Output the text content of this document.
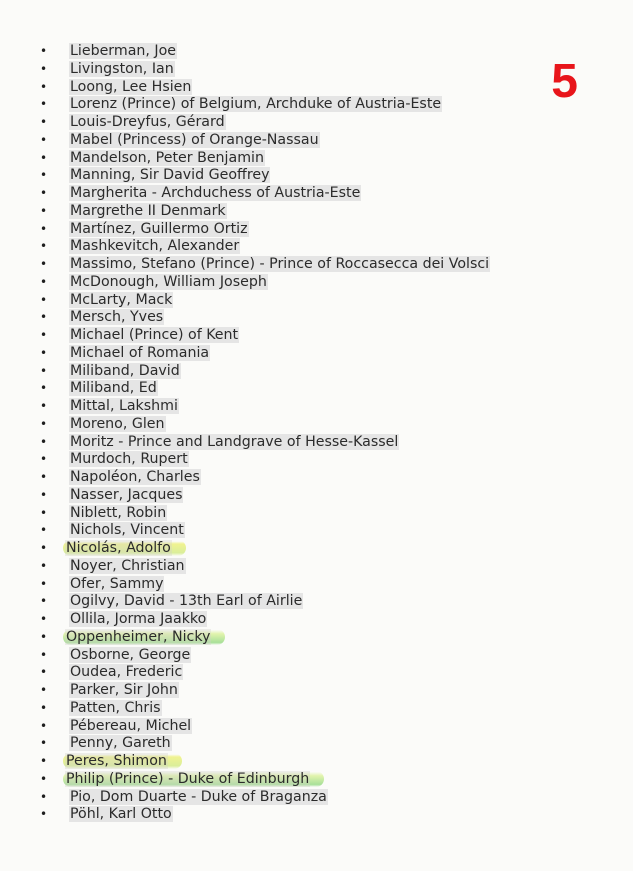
5
• Lieberman, Joe
• Livingston, Ian
• Loong, Lee Hsien
• Lorenz (Prince) of Belgium, Archduke of Austria-Este
• Louis-Dreyfus, Gérard
• Mabel (Princess) of Orange-Nassau
• Mandelson, Peter Benjamin
• Manning, Sir David Geoffrey
• Margherita - Archduchess of Austria-Este
• Margrethe II Denmark
• Martínez, Guillermo Ortiz
• Mashkevitch, Alexander
• Massimo, Stefano (Prince) - Prince of Roccasecca dei Volsci
• McDonough, William Joseph
• McLarty, Mack
• Mersch, Yves
• Michael (Prince) of Kent
• Michael of Romania
• Miliband, David
• Miliband, Ed
• Mittal, Lakshmi
• Moreno, Glen
• Moritz - Prince and Landgrave of Hesse-Kassel
• Murdoch, Rupert
• Napoléon, Charles
• Nasser, Jacques
• Niblett, Robin
• Nichols, Vincent
• Nicolás, Adolfo
• Noyer, Christian
• Ofer, Sammy
• Ogilvy, David - 13th Earl of Airlie
• Ollila, Jorma Jaakko
• Oppenheimer, Nicky
• Osborne, George
• Oudea, Frederic
• Parker, Sir John
• Patten, Chris
• Pébereau, Michel
• Penny, Gareth
• Peres, Shimon
• Philip (Prince) - Duke of Edinburgh
• Pio, Dom Duarte - Duke of Braganza
• Pöhl, Karl Otto
